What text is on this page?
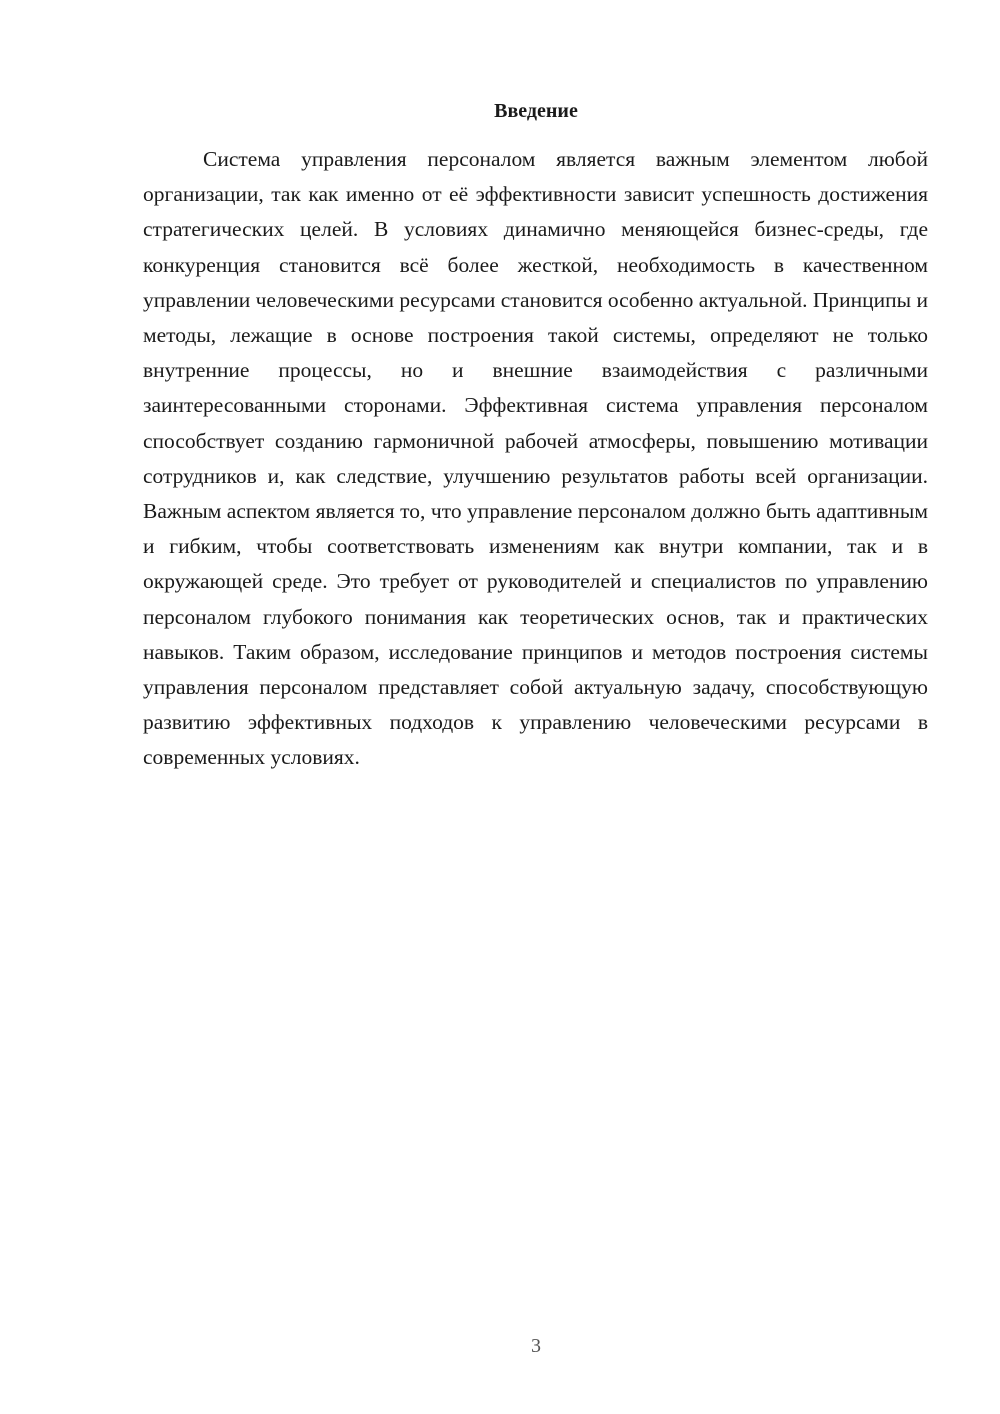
Введение

Система управления персоналом является важным элементом любой организации, так как именно от её эффективности зависит успешность достижения стратегических целей. В условиях динамично меняющейся бизнес-среды, где конкуренция становится всё более жесткой, необходимость в качественном управлении человеческими ресурсами становится особенно актуальной. Принципы и методы, лежащие в основе построения такой системы, определяют не только внутренние процессы, но и внешние взаимодействия с различными заинтересованными сторонами. Эффективная система управления персоналом способствует созданию гармоничной рабочей атмосферы, повышению мотивации сотрудников и, как следствие, улучшению результатов работы всей организации. Важным аспектом является то, что управление персоналом должно быть адаптивным и гибким, чтобы соответствовать изменениям как внутри компании, так и в окружающей среде. Это требует от руководителей и специалистов по управлению персоналом глубокого понимания как теоретических основ, так и практических навыков. Таким образом, исследование принципов и методов построения системы управления персоналом представляет собой актуальную задачу, способствующую развитию эффективных подходов к управлению человеческими ресурсами в современных условиях.

3
